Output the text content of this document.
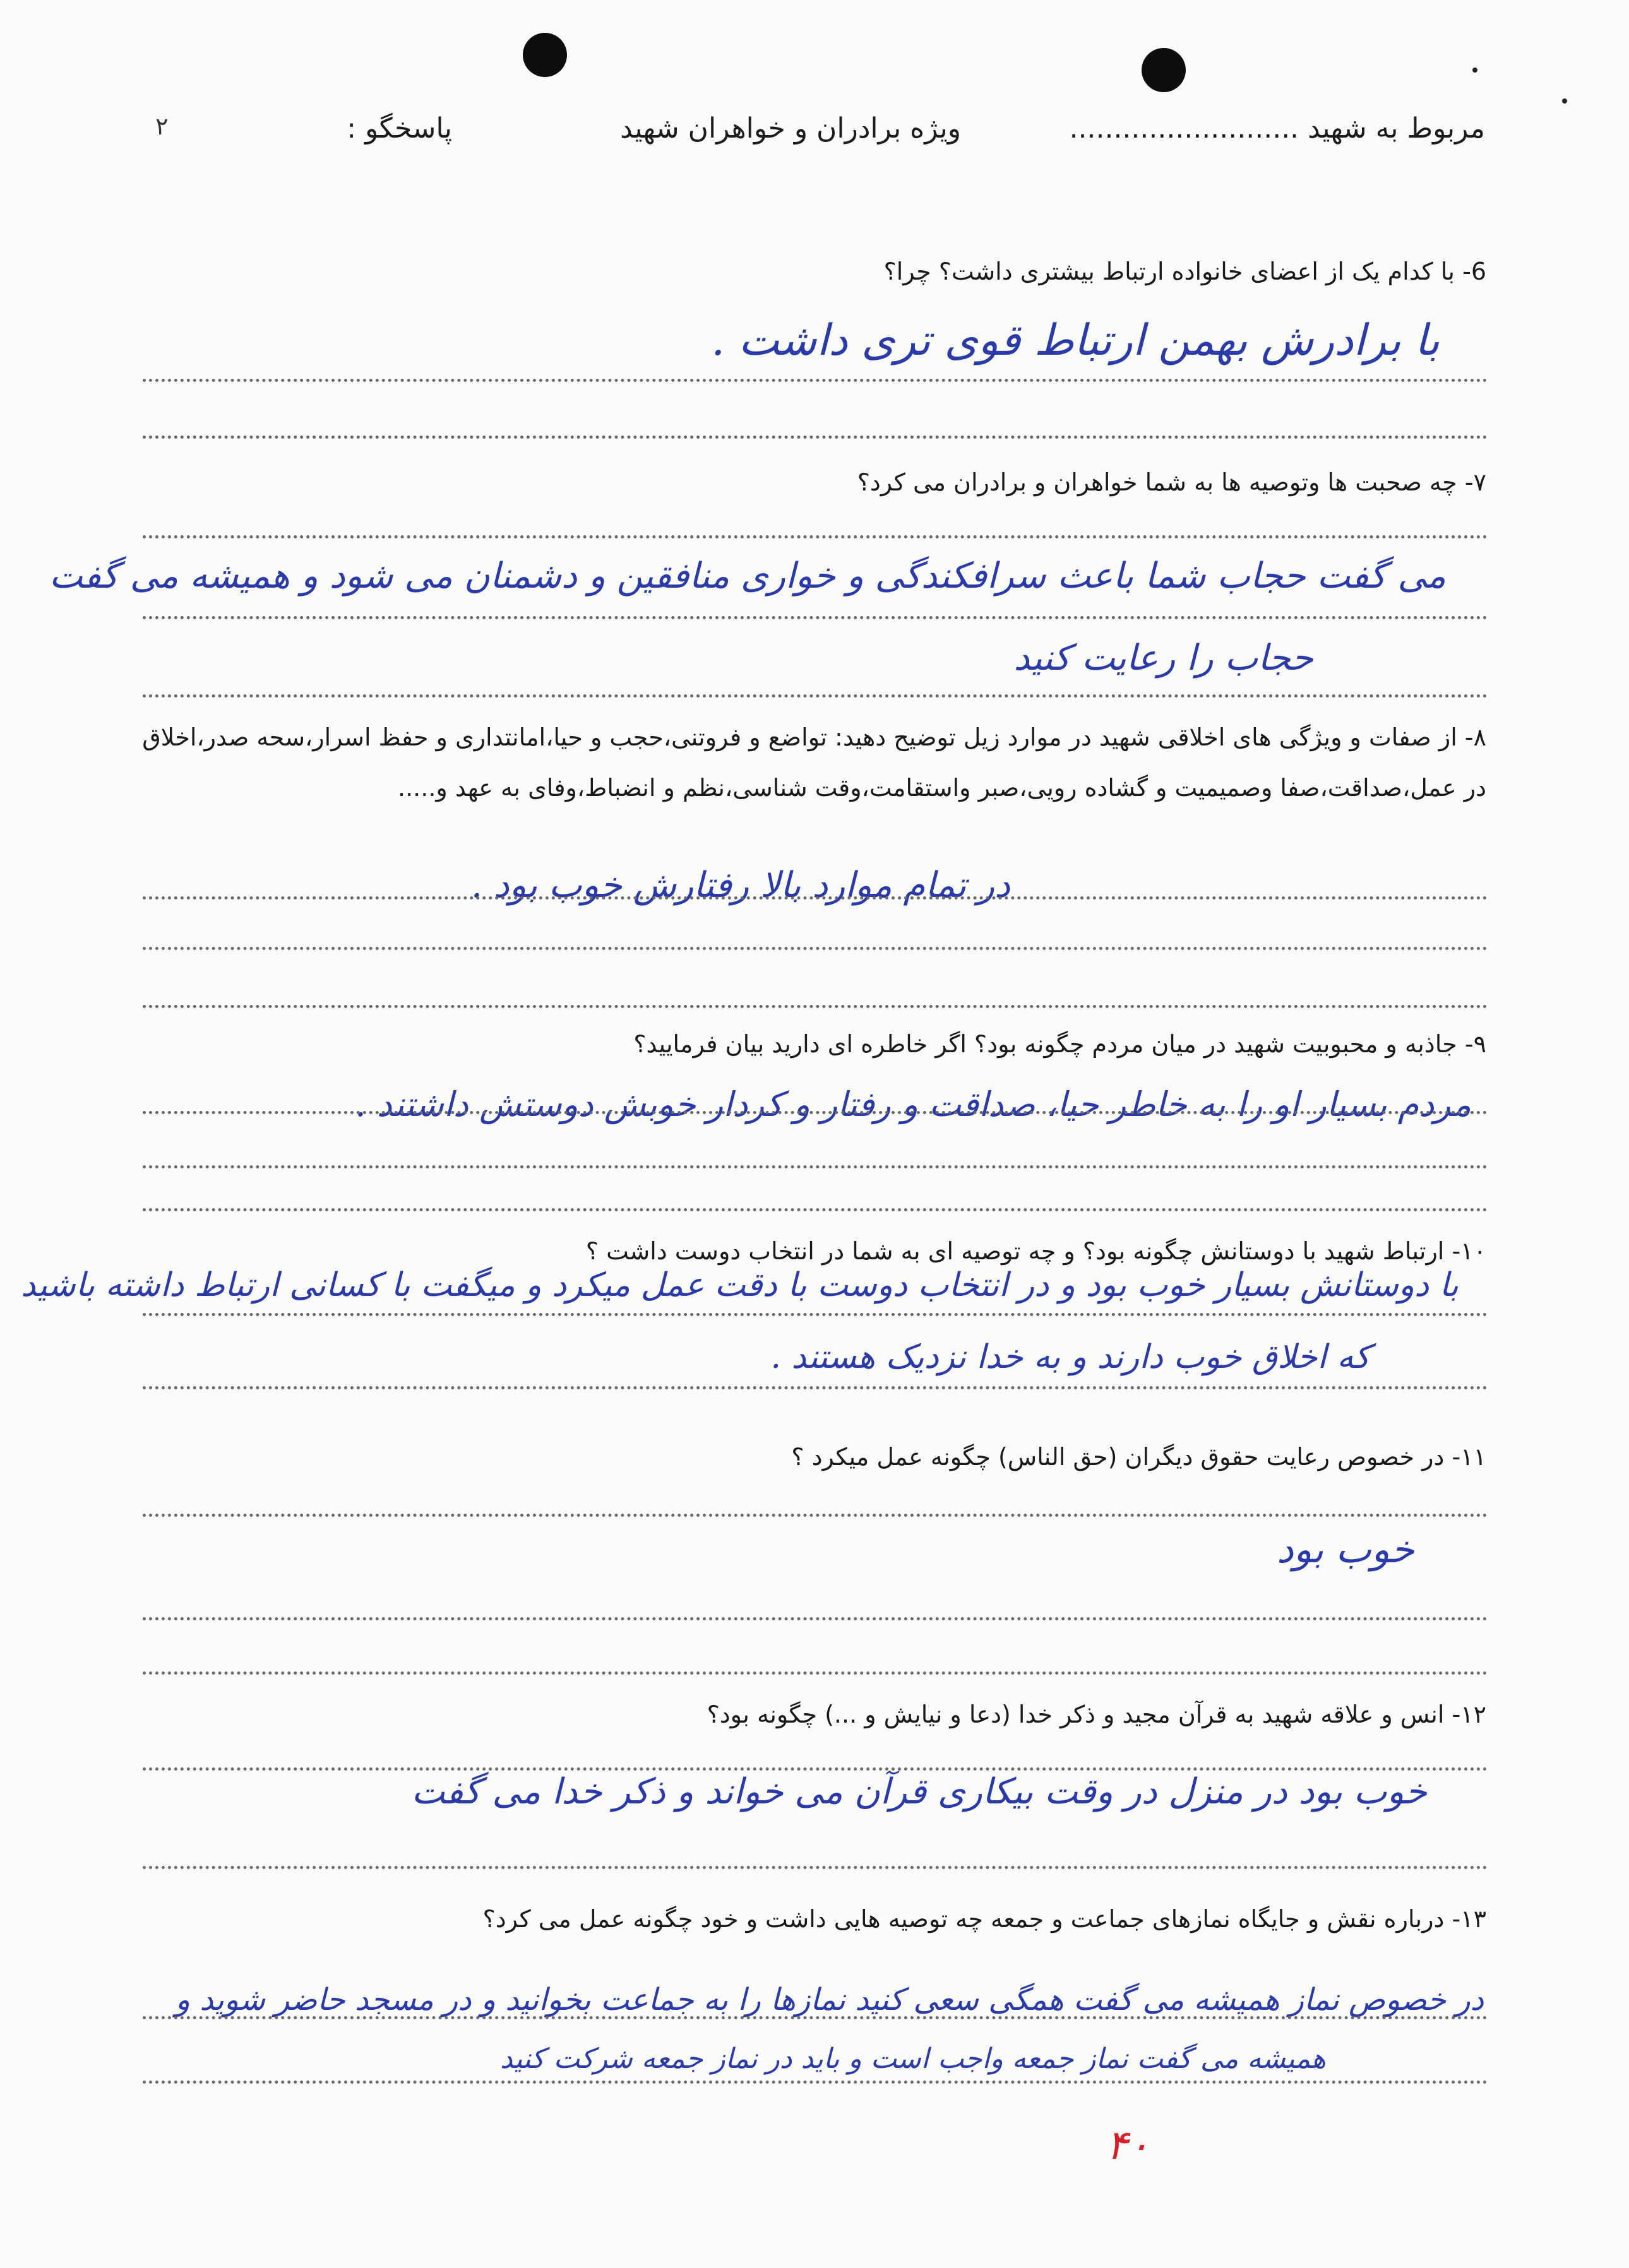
مربوط به شهید ..........................
ویژه برادران و خواهران شهید
پاسخگو :
۲
6- با کدام یک از اعضای خانواده ارتباط بیشتری داشت؟ چرا؟
با برادرش بهمن ارتباط قوی تری داشت .
۷- چه صحبت ها وتوصیه ها به شما خواهران و برادران می کرد؟
می گفت حجاب شما باعث سرافکندگی و خواری منافقین و دشمنان می شود و همیشه می گفت
حجاب را رعایت کنید
۸- از صفات و ویژگی های اخلاقی شهید در موارد زیل توضیح دهید: تواضع و فروتنی،حجب و حیا،امانتداری و حفظ اسرار،سحه صدر،اخلاق در عمل،صداقت،صفا وصمیمیت و گشاده رویی،صبر واستقامت،وقت شناسی،نظم و انضباط،وفای به عهد و.....
در تمام موارد بالا رفتارش خوب بود .
۹- جاذبه و محبوبیت شهید در میان مردم چگونه بود؟ اگر خاطره ای دارید بیان فرمایید؟
مردم بسیار او را به خاطر حیا، صداقت و رفتار و کردار خوبش دوستش داشتند .
۱۰- ارتباط شهید با دوستانش چگونه بود؟ و چه توصیه ای به شما در انتخاب دوست داشت ؟
با دوستانش بسیار خوب بود و در انتخاب دوست با دقت عمل میکرد و میگفت با کسانی ارتباط داشته باشید
که اخلاق خوب دارند و به خدا نزدیک هستند .
۱۱- در خصوص رعایت حقوق دیگران (حق الناس) چگونه عمل میکرد ؟
خوب بود
۱۲- انس و علاقه شهید به قرآن مجید و ذکر خدا (دعا و نیایش و ...) چگونه بود؟
خوب بود در منزل در وقت بیکاری قرآن می خواند و ذکر خدا می گفت
۱۳- درباره نقش و جایگاه نمازهای جماعت و جمعه چه توصیه هایی داشت و خود چگونه عمل می کرد؟
در خصوص نماز همیشه می گفت همگی سعی کنید نمازها را به جماعت بخوانید و در مسجد حاضر شوید و
همیشه می گفت نماز جمعه واجب است و باید در نماز جمعه شرکت کنید
۴۰
